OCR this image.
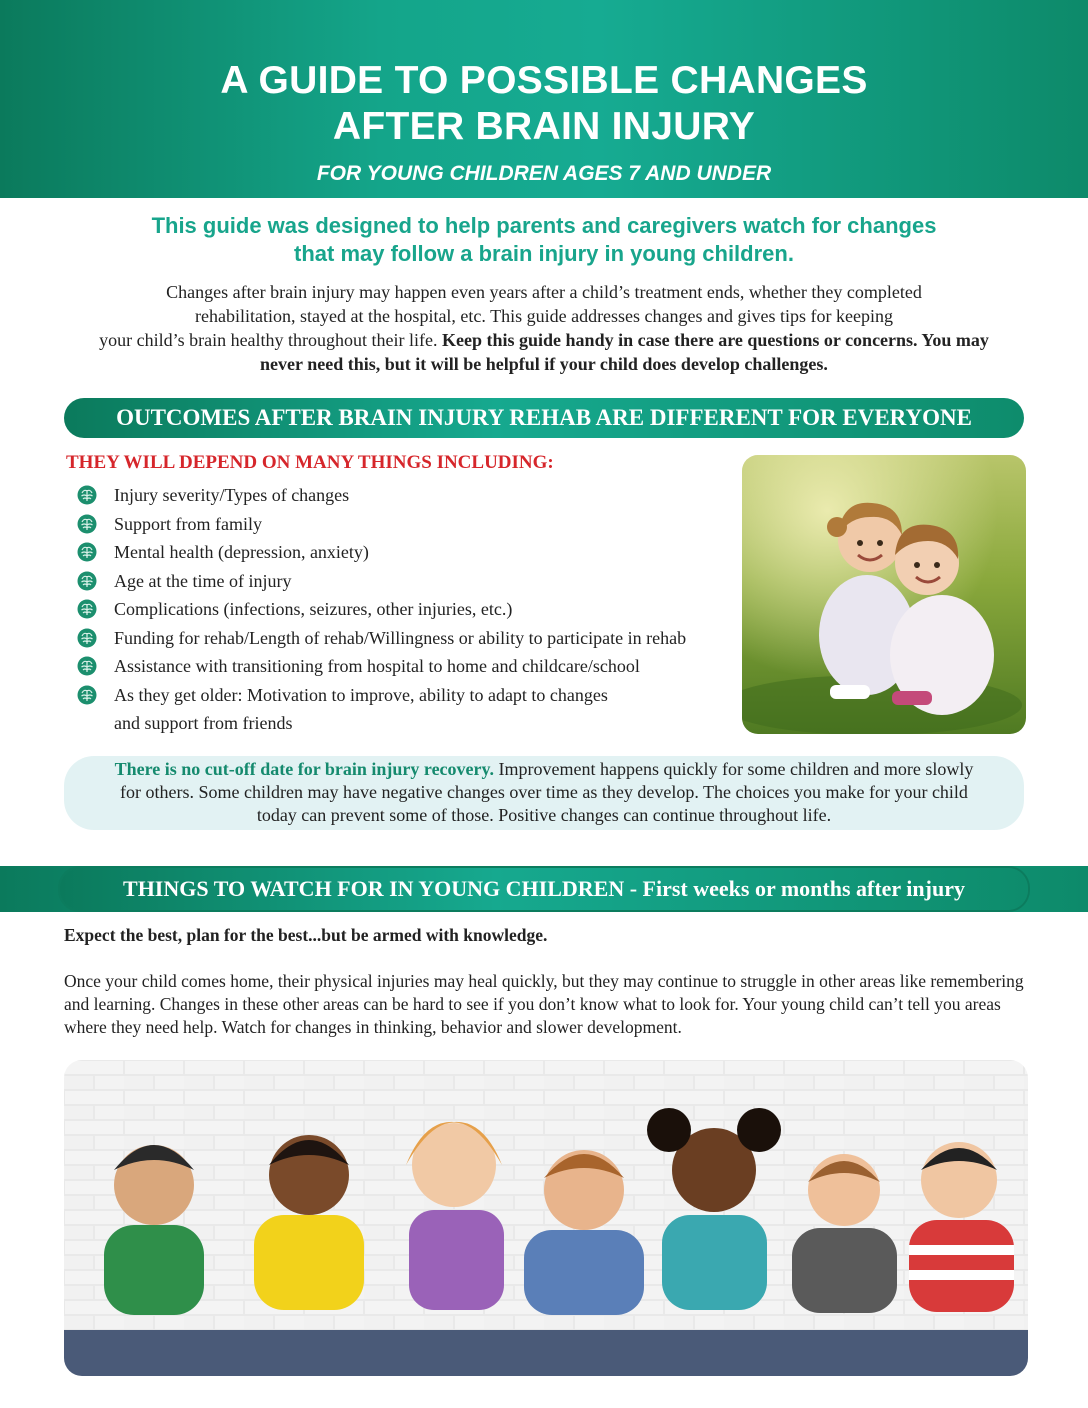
A GUIDE TO POSSIBLE CHANGES
AFTER BRAIN INJURY
FOR YOUNG CHILDREN AGES 7 AND UNDER
This guide was designed to help parents and caregivers watch for changes
that may follow a brain injury in young children.
Changes after brain injury may happen even years after a child’s treatment ends, whether they completed
rehabilitation, stayed at the hospital, etc. This guide addresses changes and gives tips for keeping
your child’s brain healthy throughout their life. Keep this guide handy in case there are questions or concerns. You may
never need this, but it will be helpful if your child does develop challenges.
OUTCOMES AFTER BRAIN INJURY REHAB ARE DIFFERENT FOR EVERYONE
THEY WILL DEPEND ON MANY THINGS INCLUDING:
Injury severity/Types of changes
Support from family
Mental health (depression, anxiety)
Age at the time of injury
Complications (infections, seizures, other injuries, etc.)
Funding for rehab/Length of rehab/Willingness or ability to participate in rehab
Assistance with transitioning from hospital to home and childcare/school
As they get older: Motivation to improve, ability to adapt to changes
and support from friends
There is no cut-off date for brain injury recovery. Improvement happens quickly for some children and more slowly
for others. Some children may have negative changes over time as they develop. The choices you make for your child
today can prevent some of those. Positive changes can continue throughout life.
THINGS TO WATCH FOR IN YOUNG CHILDREN - First weeks or months after injury

Expect the best, plan for the best...but be armed with knowledge.

Once your child comes home, their physical injuries may heal quickly, but they may continue to struggle in other areas like remembering and learning. Changes in these other areas can be hard to see if you don’t know what to look for. Your young child can’t tell you areas where they need help. Watch for changes in thinking, behavior and slower development.
